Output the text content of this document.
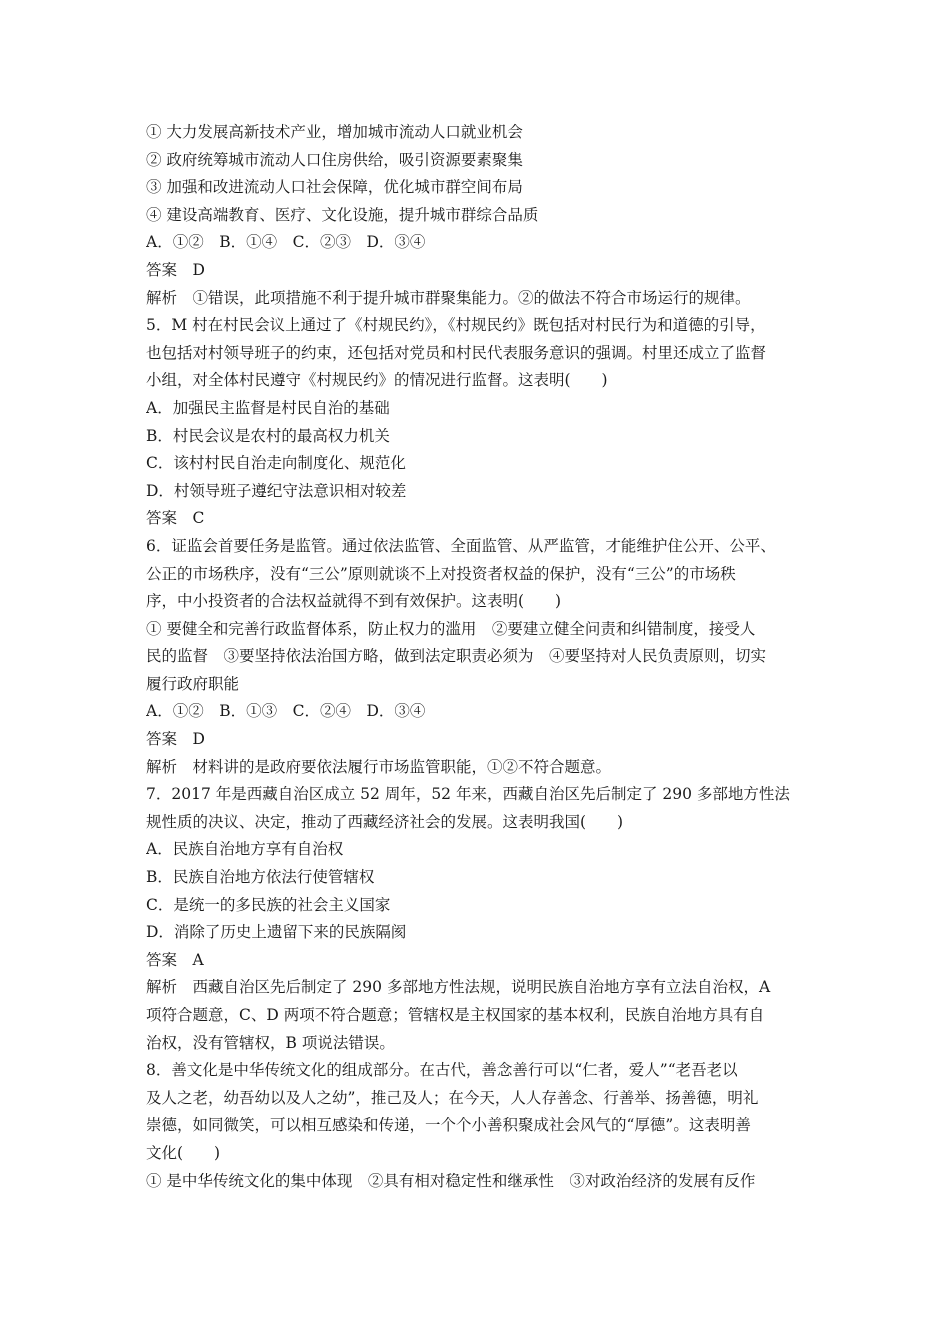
① 大力发展高新技术产业，增加城市流动人口就业机会
② 政府统筹城市流动人口住房供给，吸引资源要素聚集
③ 加强和改进流动人口社会保障，优化城市群空间布局
④ 建设高端教育、医疗、文化设施，提升城市群综合品质
A．①②　B．①④　C．②③　D．③④
答案　D
解析　①错误，此项措施不利于提升城市群聚集能力。②的做法不符合市场运行的规律。
5．M 村在村民会议上通过了《村规民约》，《村规民约》既包括对村民行为和道德的引导，
也包括对村领导班子的约束，还包括对党员和村民代表服务意识的强调。村里还成立了监督
小组，对全体村民遵守《村规民约》的情况进行监督。这表明(　　)
A．加强民主监督是村民自治的基础
B．村民会议是农村的最高权力机关
C．该村村民自治走向制度化、规范化
D．村领导班子遵纪守法意识相对较差
答案　C
6．证监会首要任务是监管。通过依法监管、全面监管、从严监管，才能维护住公开、公平、
公正的市场秩序，没有“三公”原则就谈不上对投资者权益的保护，没有“三公”的市场秩
序，中小投资者的合法权益就得不到有效保护。这表明(　　)
① 要健全和完善行政监督体系，防止权力的滥用　②要建立健全问责和纠错制度，接受人
民的监督　③要坚持依法治国方略，做到法定职责必须为　④要坚持对人民负责原则，切实
履行政府职能
A．①②　B．①③　C．②④　D．③④
答案　D
解析　材料讲的是政府要依法履行市场监管职能，①②不符合题意。
7．2017 年是西藏自治区成立 52 周年，52 年来，西藏自治区先后制定了 290 多部地方性法
规性质的决议、决定，推动了西藏经济社会的发展。这表明我国(　　)
A．民族自治地方享有自治权
B．民族自治地方依法行使管辖权
C．是统一的多民族的社会主义国家
D．消除了历史上遗留下来的民族隔阂
答案　A
解析　西藏自治区先后制定了 290 多部地方性法规，说明民族自治地方享有立法自治权，A
项符合题意，C、D 两项不符合题意；管辖权是主权国家的基本权利，民族自治地方具有自
治权，没有管辖权，B 项说法错误。
8．善文化是中华传统文化的组成部分。在古代，善念善行可以“仁者，爱人”“老吾老以
及人之老，幼吾幼以及人之幼”，推己及人；在今天，人人存善念、行善举、扬善德，明礼
崇德，如同微笑，可以相互感染和传递，一个个小善积聚成社会风气的“厚德”。这表明善
文化(　　)
① 是中华传统文化的集中体现　②具有相对稳定性和继承性　③对政治经济的发展有反作
